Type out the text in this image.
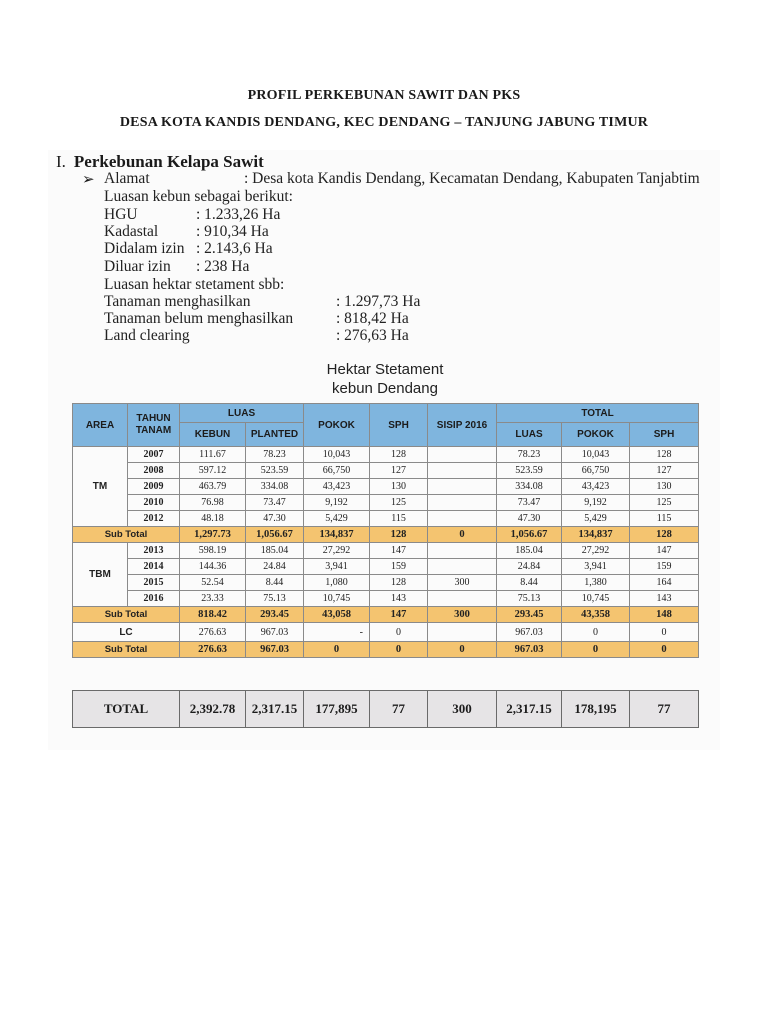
PROFIL PERKEBUNAN SAWIT DAN PKS
DESA KOTA KANDIS DENDANG, KEC DENDANG – TANJUNG JABUNG TIMUR
I. Perkebunan Kelapa Sawit
➢ Alamat	: Desa kota Kandis Dendang, Kecamatan Dendang, Kabupaten Tanjabtim
Luasan kebun sebagai berikut:
HGU	: 1.233,26 Ha
Kadastal : 910,34 Ha
Didalam izin : 2.143,6 Ha
Diluar izin : 238 Ha
Luasan hektar stetament sbb:
Tanaman menghasilkan	: 1.297,73 Ha
Tanaman belum menghasilkan	: 818,42 Ha
Land clearing	: 276,63 Ha
Hektar Stetament
kebun Dendang
AREA	TAHUN TANAM	LUAS		POKOK	SPH	SISIP 2016	TOTAL		
		KEBUN	PLANTED				LUAS	POKOK	SPH
TM	2007	111.67	78.23	10,043	128		78.23	10,043	128
	2008	597.12	523.59	66,750	127		523.59	66,750	127
	2009	463.79	334.08	43,423	130		334.08	43,423	130
	2010	76.98	73.47	9,192	125		73.47	9,192	125
	2012	48.18	47.30	5,429	115		47.30	5,429	115
Sub Total		1,297.73	1,056.67	134,837	128	0	1,056.67	134,837	128
TBM	2013	598.19	185.04	27,292	147		185.04	27,292	147
	2014	144.36	24.84	3,941	159		24.84	3,941	159
	2015	52.54	8.44	1,080	128	300	8.44	1,380	164
	2016	23.33	75.13	10,745	143		75.13	10,745	143
Sub Total		818.42	293.45	43,058	147	300	293.45	43,358	148
LC		276.63	967.03	-	0		967.03	0	0
Sub Total		276.63	967.03	0	0	0	967.03	0	0
TOTAL	2,392.78	2,317.15	177,895	77	300	2,317.15	178,195	77
